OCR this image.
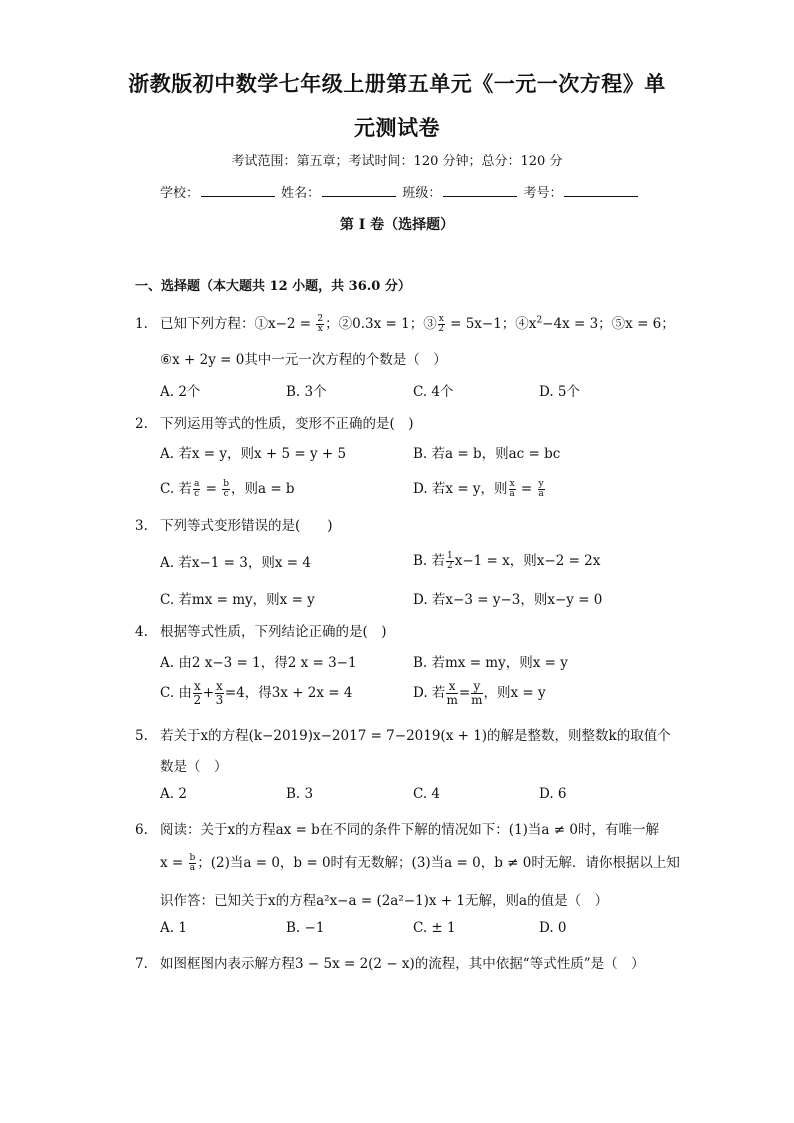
浙教版初中数学七年级上册第五单元《一元一次方程》单
元测试卷
考试范围：第五章；考试时间：120 分钟；总分：120 分
学校：	姓名：	班级：	考号：
第 I 卷（选择题）
一、选择题（本大题共 12 小题，共 36.0 分）
1. 已知下列方程：①x−2 = $\frac{2}{x}$ ；②0.3x = 1；③ $\frac{x}{2} = 5x-1$；$④x^2-4x = 3$；⑤x = 6；
⑥x + 2y = 0其中一元一次方程的个数是（　）
A. 2个	B. 3个	C. 4个	D. 5个
2. 下列运用等式的性质，变形不正确的是(　)
A. 若x = y，则x + 5 = y + 5	B. 若a = b，则ac = bc
C. 若 $\frac{a}{c} = \frac{b}{c}$ ，则a = b	D. 若x = y，则 $\frac{x}{a} = \frac{y}{a}$
3. 下列等式变形错误的是(　　)
A. 若x−1 = 3，则x = 4	B. 若 $\frac{1}{2} x-1 = x$，则x−2 = 2x
C. 若mx = my，则x = y	D. 若x−3 = y−3，则x−y = 0
4. 根据等式性质，下列结论正确的是(　)
A. 由2 x−3 = 1，得2 x = 3−1	B. 若mx = my，则x = y
C. 由 $\frac{x}{2} + \frac{x}{3} =4$，得3x + 2x = 4	D. 若 $\frac{x}{m} = \frac{y}{m}$ ，则x = y
5. 若关于x的方程(k−2019)x−2017 = 7−2019(x + 1)的解是整数，则整数k的取值个
数是（　）
A. 2	B. 3	C. 4	D. 6
6. 阅读：关于x的方程ax = b在不同的条件下解的情况如下：(1)当a ≠ 0时，有唯一解
$x = \frac{b}{a}$ ；(2)当a = 0，b = 0时有无数解；(3)当a = 0，b ≠ 0时无解．请你根据以上知
识作答：已知关于x的方程a²x−a = (2a²−1)x + 1无解，则a的值是（　）
A. 1	B. −1	C. ± 1	D. 0
7. 如图框图内表示解方程3 − 5x = 2(2 − x)的流程，其中依据“等式性质”是（　）
